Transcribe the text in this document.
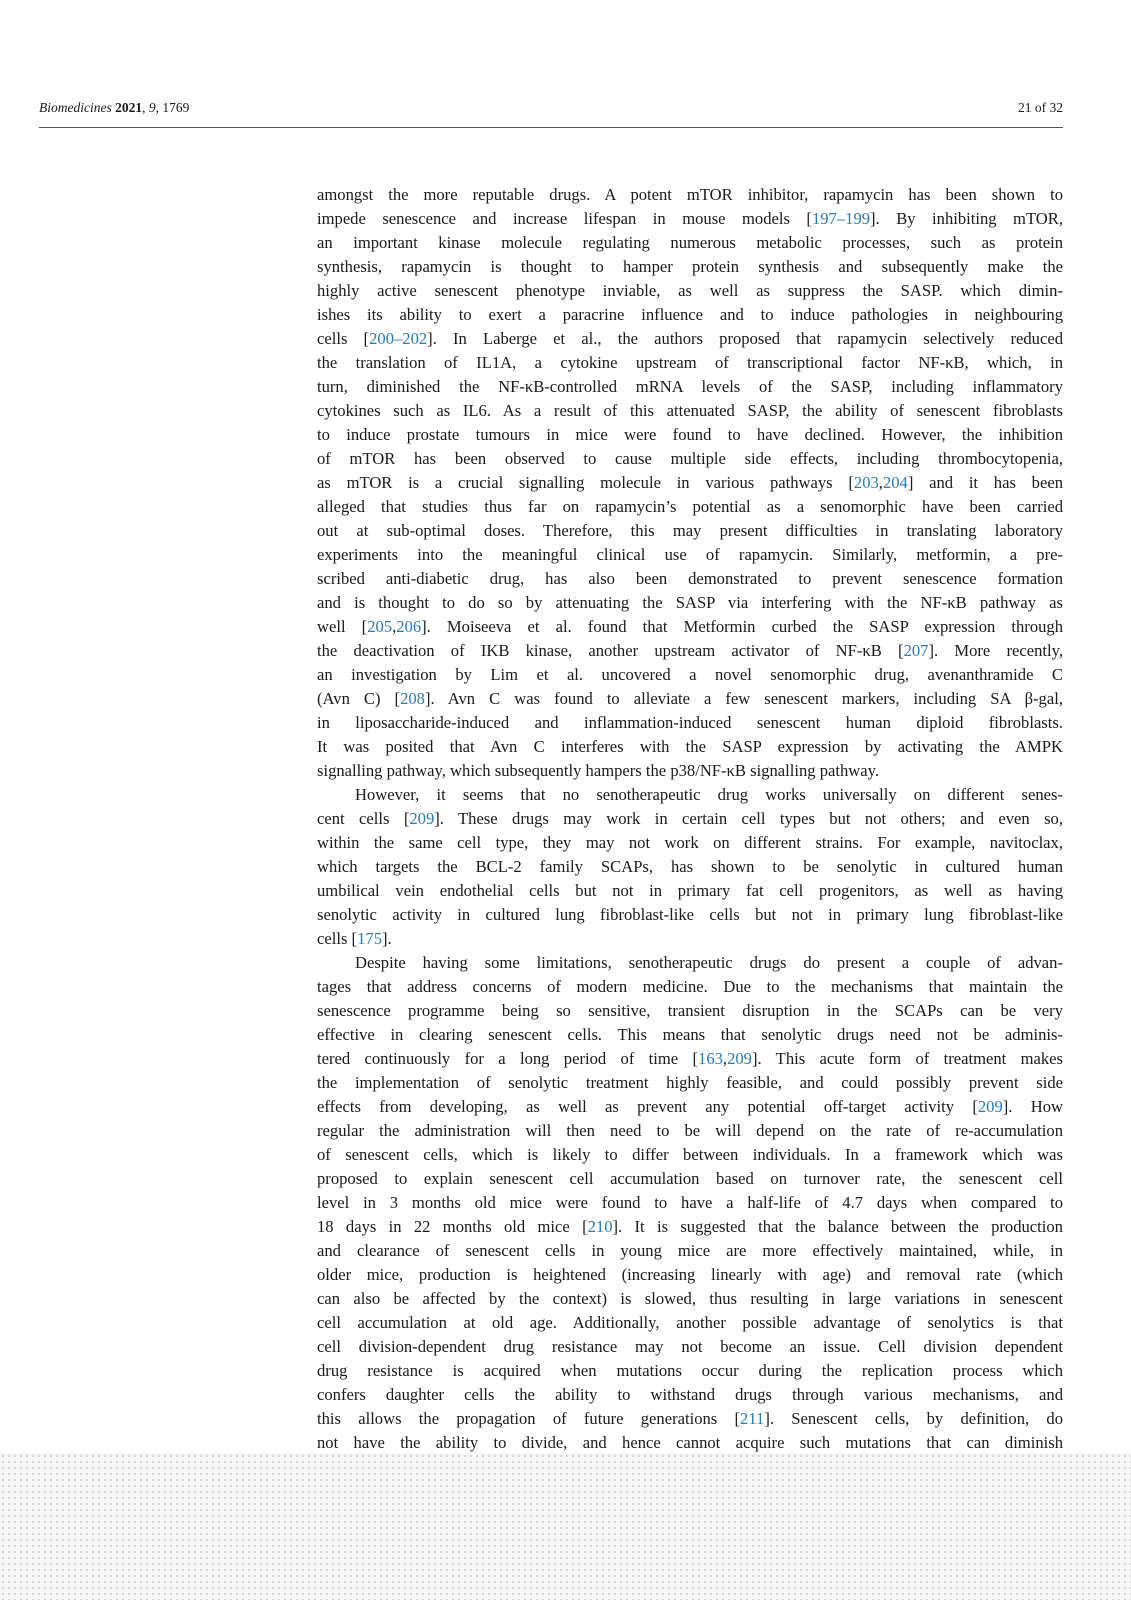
Biomedicines 2021, 9, 1769	21 of 32
amongst the more reputable drugs. A potent mTOR inhibitor, rapamycin has been shown to
impede senescence and increase lifespan in mouse models [197–199]. By inhibiting mTOR,
an important kinase molecule regulating numerous metabolic processes, such as protein
synthesis, rapamycin is thought to hamper protein synthesis and subsequently make the
highly active senescent phenotype inviable, as well as suppress the SASP. which dimin-
ishes its ability to exert a paracrine influence and to induce pathologies in neighbouring
cells [200–202]. In Laberge et al., the authors proposed that rapamycin selectively reduced
the translation of IL1A, a cytokine upstream of transcriptional factor NF-κB, which, in
turn, diminished the NF-κB-controlled mRNA levels of the SASP, including inflammatory
cytokines such as IL6. As a result of this attenuated SASP, the ability of senescent fibroblasts
to induce prostate tumours in mice were found to have declined. However, the inhibition
of mTOR has been observed to cause multiple side effects, including thrombocytopenia,
as mTOR is a crucial signalling molecule in various pathways [203,204] and it has been
alleged that studies thus far on rapamycin’s potential as a senomorphic have been carried
out at sub-optimal doses. Therefore, this may present difficulties in translating laboratory
experiments into the meaningful clinical use of rapamycin. Similarly, metformin, a pre-
scribed anti-diabetic drug, has also been demonstrated to prevent senescence formation
and is thought to do so by attenuating the SASP via interfering with the NF-κB pathway as
well [205,206]. Moiseeva et al. found that Metformin curbed the SASP expression through
the deactivation of IKB kinase, another upstream activator of NF-κB [207]. More recently,
an investigation by Lim et al. uncovered a novel senomorphic drug, avenanthramide C
(Avn C) [208]. Avn C was found to alleviate a few senescent markers, including SA β-gal,
in liposaccharide-induced and inflammation-induced senescent human diploid fibroblasts.
It was posited that Avn C interferes with the SASP expression by activating the AMPK
signalling pathway, which subsequently hampers the p38/NF-κB signalling pathway.
However, it seems that no senotherapeutic drug works universally on different senes-
cent cells [209]. These drugs may work in certain cell types but not others; and even so,
within the same cell type, they may not work on different strains. For example, navitoclax,
which targets the BCL-2 family SCAPs, has shown to be senolytic in cultured human
umbilical vein endothelial cells but not in primary fat cell progenitors, as well as having
senolytic activity in cultured lung fibroblast-like cells but not in primary lung fibroblast-like
cells [175].
Despite having some limitations, senotherapeutic drugs do present a couple of advan-
tages that address concerns of modern medicine. Due to the mechanisms that maintain the
senescence programme being so sensitive, transient disruption in the SCAPs can be very
effective in clearing senescent cells. This means that senolytic drugs need not be adminis-
tered continuously for a long period of time [163,209]. This acute form of treatment makes
the implementation of senolytic treatment highly feasible, and could possibly prevent side
effects from developing, as well as prevent any potential off-target activity [209]. How
regular the administration will then need to be will depend on the rate of re-accumulation
of senescent cells, which is likely to differ between individuals. In a framework which was
proposed to explain senescent cell accumulation based on turnover rate, the senescent cell
level in 3 months old mice were found to have a half-life of 4.7 days when compared to
18 days in 22 months old mice [210]. It is suggested that the balance between the production
and clearance of senescent cells in young mice are more effectively maintained, while, in
older mice, production is heightened (increasing linearly with age) and removal rate (which
can also be affected by the context) is slowed, thus resulting in large variations in senescent
cell accumulation at old age. Additionally, another possible advantage of senolytics is that
cell division-dependent drug resistance may not become an issue. Cell division dependent
drug resistance is acquired when mutations occur during the replication process which
confers daughter cells the ability to withstand drugs through various mechanisms, and
this allows the propagation of future generations [211]. Senescent cells, by definition, do
not have the ability to divide, and hence cannot acquire such mutations that can diminish
